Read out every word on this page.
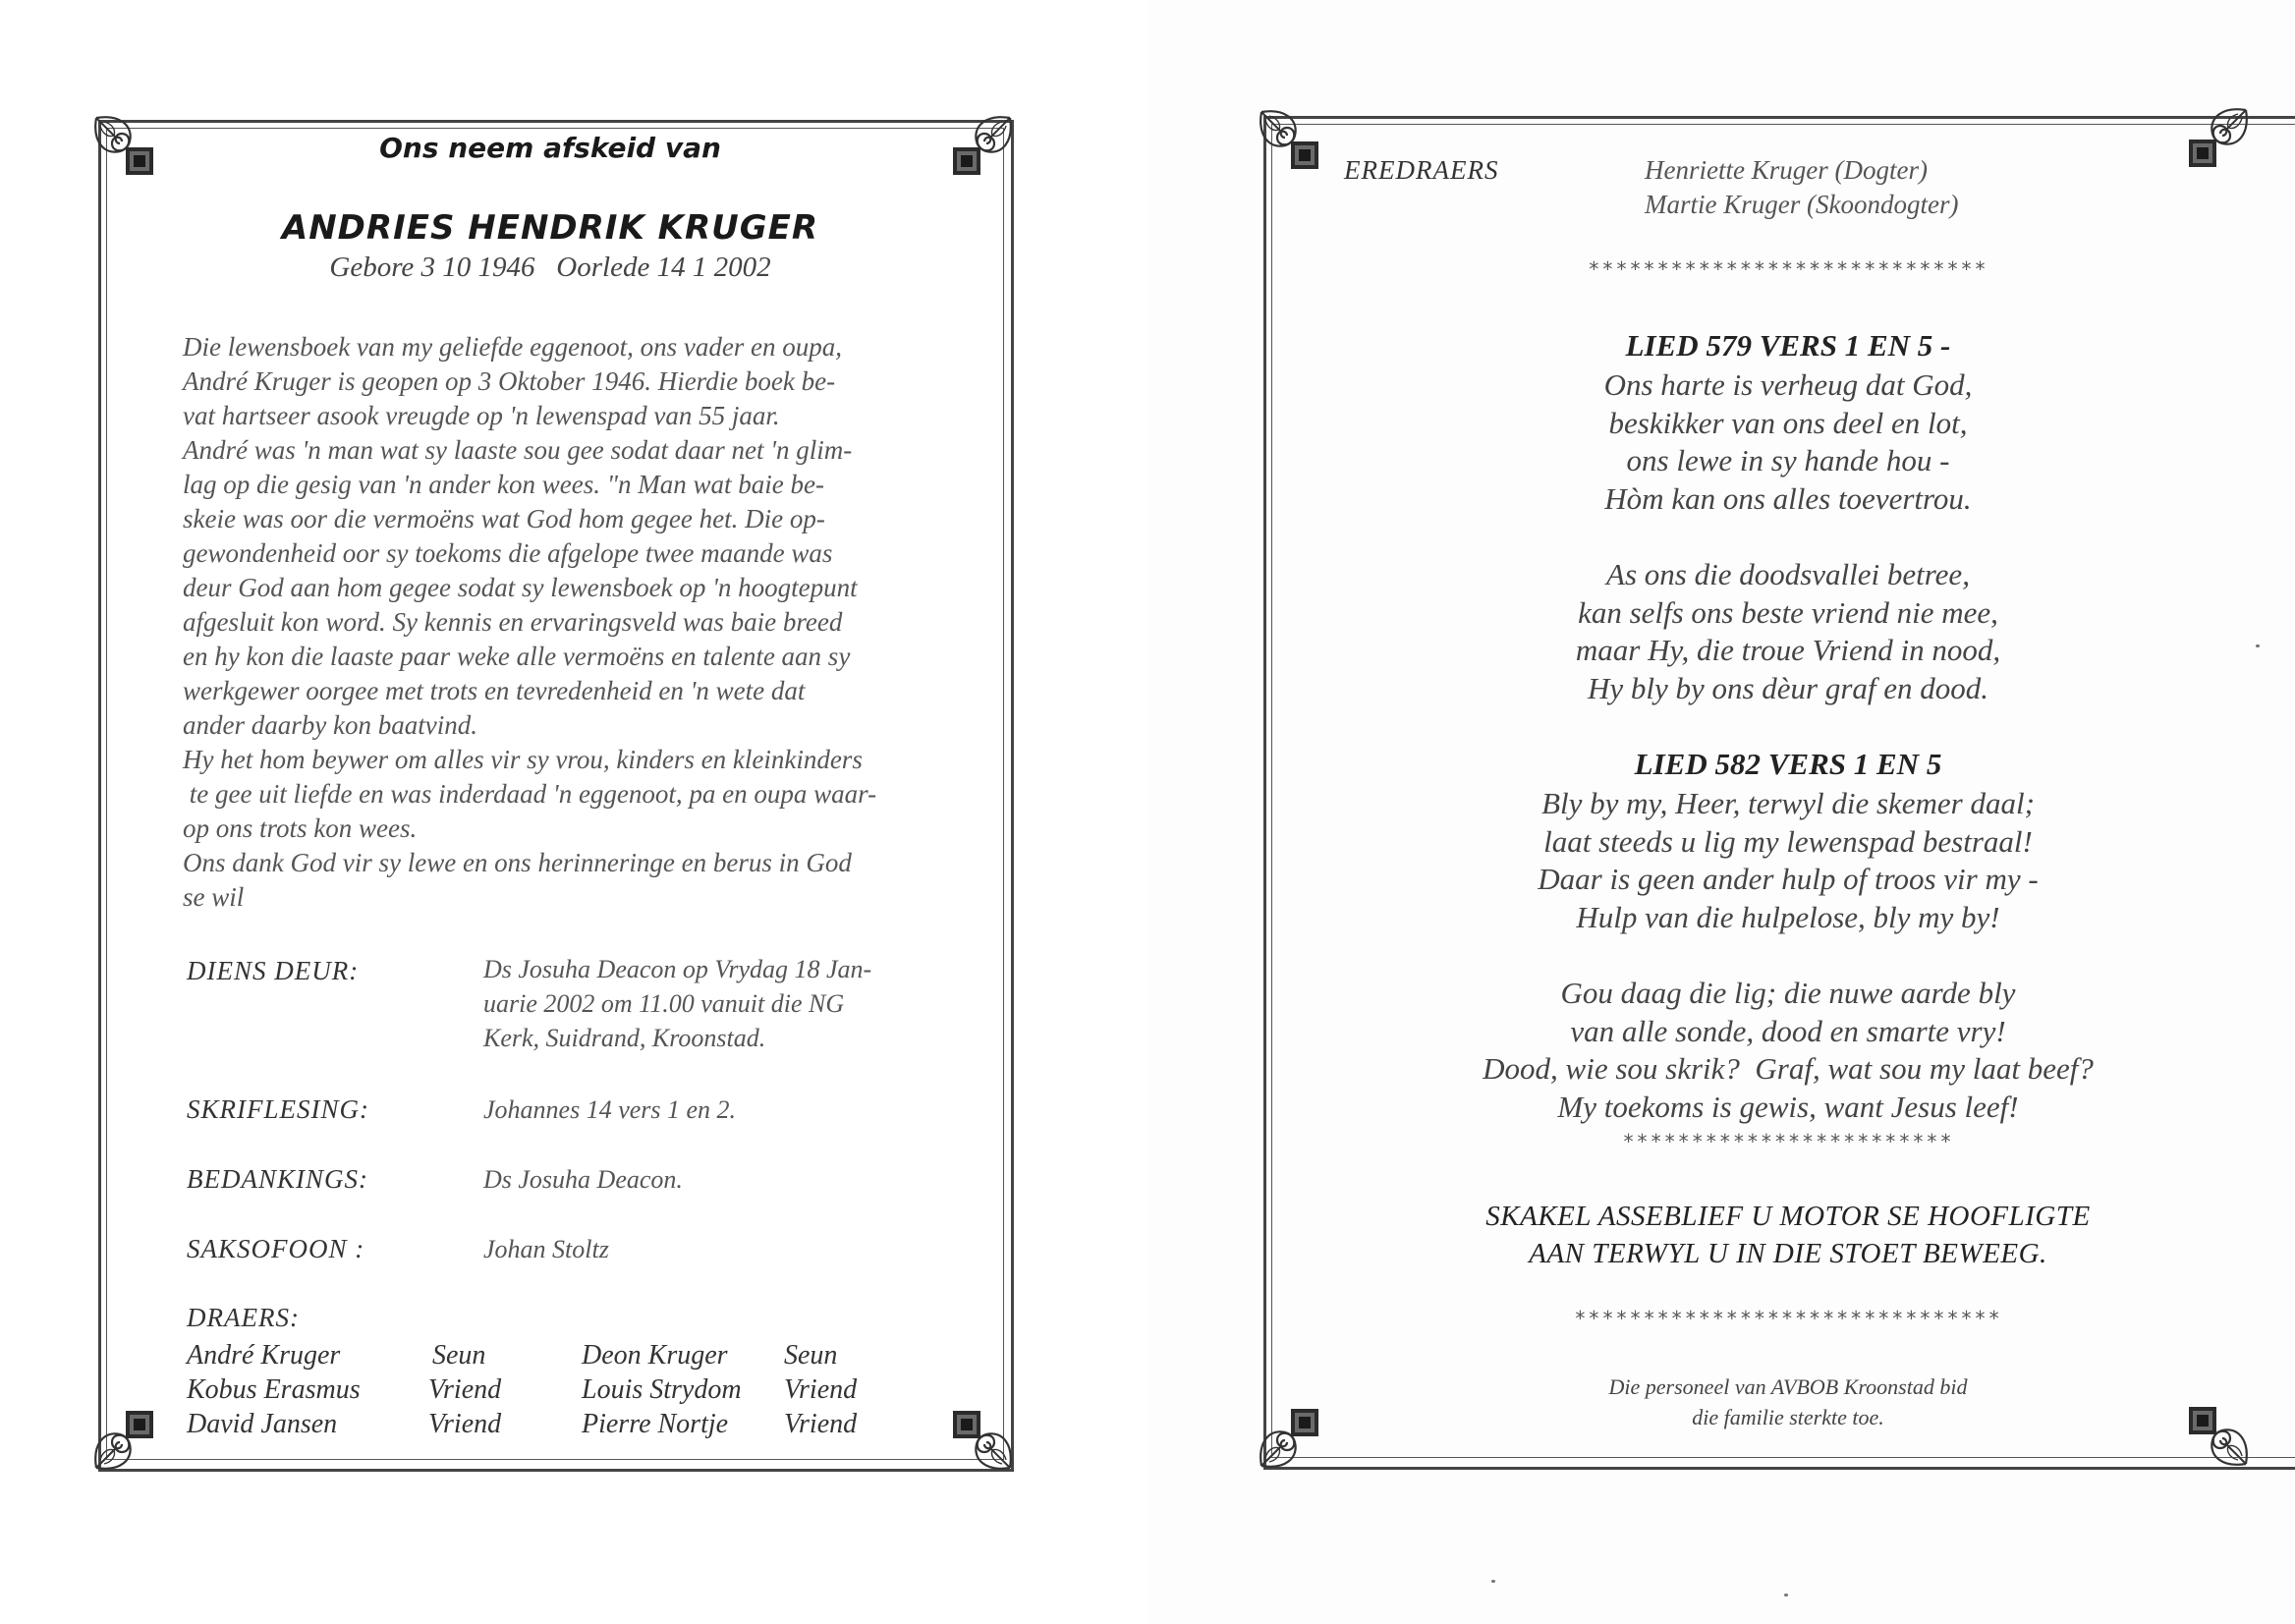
Ons neem afskeid van
ANDRIES HENDRIK KRUGER
Gebore 3 10 1946   Oorlede 14 1 2002

Die lewensboek van my geliefde eggenoot, ons vader en oupa,

André Kruger is geopen op 3 Oktober 1946. Hierdie boek be-

vat hartseer asook vreugde op 'n lewenspad van 55 jaar.

André was 'n man wat sy laaste sou gee sodat daar net 'n glim-

lag op die gesig van 'n ander kon wees. "n Man wat baie be-

skeie was oor die vermoëns wat God hom gegee het. Die op-

gewondenheid oor sy toekoms die afgelope twee maande was

deur God aan hom gegee sodat sy lewensboek op 'n hoogtepunt

afgesluit kon word. Sy kennis en ervaringsveld was baie breed

en hy kon die laaste paar weke alle vermoëns en talente aan sy

werkgewer oorgee met trots en tevredenheid en 'n wete dat

ander daarby kon baatvind.

Hy het hom beywer om alles vir sy vrou, kinders en kleinkinders

te gee uit liefde en was inderdaad 'n eggenoot, pa en oupa waar-

op ons trots kon wees.

Ons dank God vir sy lewe en ons herinneringe en berus in God

se wil

DIENS DEUR:	Ds Josuha Deacon op Vrydag 18 Jan-
uarie 2002 om 11.00 vanuit die NG
Kerk, Suidrand, Kroonstad.
SKRIFLESING:	Johannes 14 vers 1 en 2.
BEDANKINGS:	Ds Josuha Deacon.
SAKSOFOON :	Johan Stoltz
DRAERS:
André Kruger	Seun	Deon Kruger Seun
Kobus Erasmus Vriend	Louis Strydom Vriend
David Jansen	Vriend	Pierre Nortje Vriend
EREDRAERS	Henriette Kruger (Dogter)
Martie Kruger (Skoondogter)
*****************************
LIED 579 VERS 1 EN 5 -
Ons harte is verheug dat God,
beskikker van ons deel en lot,
ons lewe in sy hande hou -
Hòm kan ons alles toevertrou.
As ons die doodsvallei betree,
kan selfs ons beste vriend nie mee,
maar Hy, die troue Vriend in nood,
Hy bly by ons dèur graf en dood.
LIED 582 VERS 1 EN 5
Bly by my, Heer, terwyl die skemer daal;
laat steeds u lig my lewenspad bestraal!
Daar is geen ander hulp of troos vir my -
Hulp van die hulpelose, bly my by!
Gou daag die lig; die nuwe aarde bly
van alle sonde, dood en smarte vry!
Dood, wie sou skrik?  Graf, wat sou my laat beef?
My toekoms is gewis, want Jesus leef!
************************
SKAKEL ASSEBLIEF U MOTOR SE HOOFLIGTE
AAN TERWYL U IN DIE STOET BEWEEG.
*******************************
Die personeel van AVBOB Kroonstad bid
die familie sterkte toe.
